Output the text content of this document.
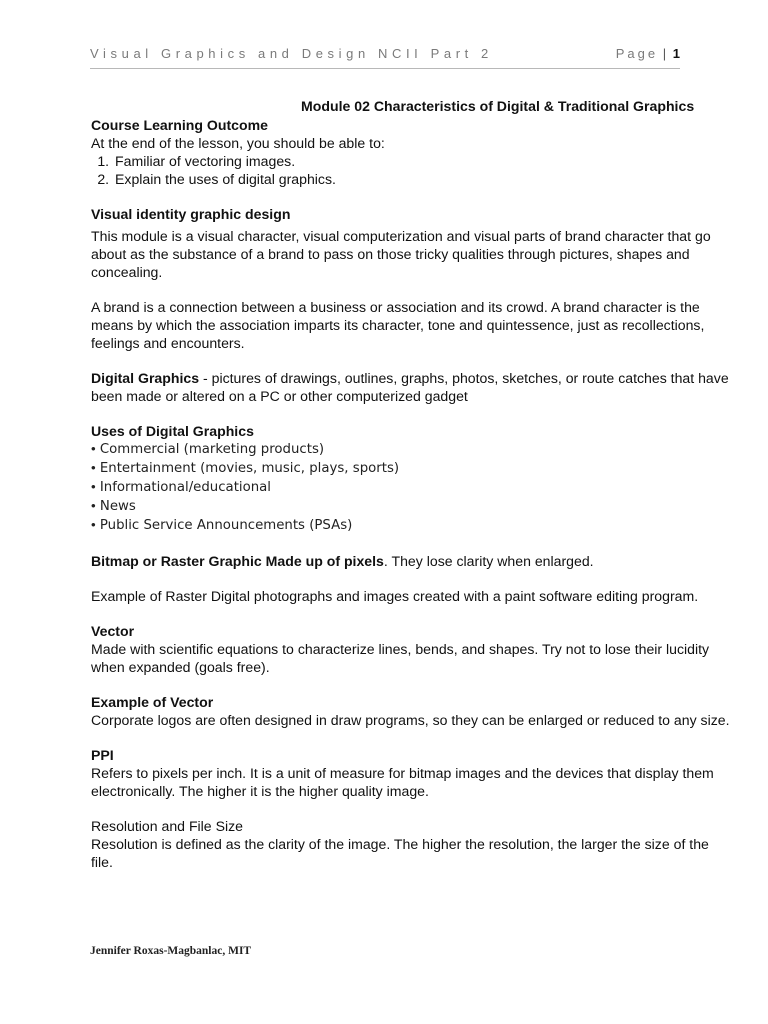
Visual Graphics and Design NCII Part 2	Page | 1

Module 02 Characteristics of Digital & Traditional Graphics

Course Learning Outcome

At the end of the lesson, you should be able to:

1. Familiar of vectoring images.
2. Explain the uses of digital graphics.

Visual identity graphic design

This module is a visual character, visual computerization and visual parts of brand character that go about as the substance of a brand to pass on those tricky qualities through pictures, shapes and concealing.

A brand is a connection between a business or association and its crowd. A brand character is the means by which the association imparts its character, tone and quintessence, just as recollections, feelings and encounters.

Digital Graphics - pictures of drawings, outlines, graphs, photos, sketches, or route catches that have been made or altered on a PC or other computerized gadget

Uses of Digital Graphics

• Commercial (marketing products)
• Entertainment (movies, music, plays, sports)
• Informational/educational
• News
• Public Service Announcements (PSAs)

Bitmap or Raster Graphic Made up of pixels. They lose clarity when enlarged.

Example of Raster Digital photographs and images created with a paint software editing program.

Vector

Made with scientific equations to characterize lines, bends, and shapes. Try not to lose their lucidity when expanded (goals free).

Example of Vector

Corporate logos are often designed in draw programs, so they can be enlarged or reduced to any size.

PPI

Refers to pixels per inch. It is a unit of measure for bitmap images and the devices that display them electronically. The higher it is the higher quality image.

Resolution and File Size

Resolution is defined as the clarity of the image. The higher the resolution, the larger the size of the file.

Jennifer Roxas-Magbanlac, MIT
